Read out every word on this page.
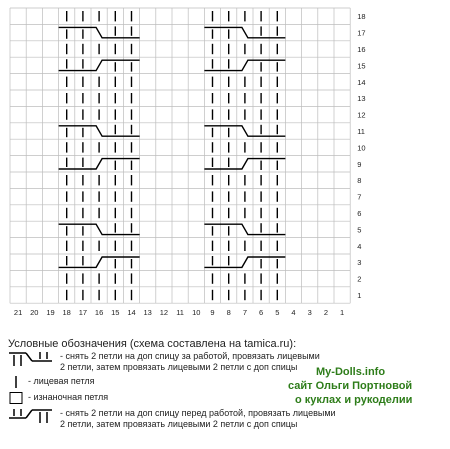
21 20 19 18 17 16 15 14 13 12 11 10 9 8 7 6 5 4 3 2 1
18
17
16
15
14
13
12
11
10
9
8
7
6
5
4
3
2
1
Условные обозначения (схема составлена на tamica.ru):
- снять 2 петли на доп спицу за работой, провязать лицевыми
2 петли, затем провязать лицевыми 2 петли с доп спицы
- лицевая петля
- изнаночная петля
- снять 2 петли на доп спицу перед работой, провязать лицевыми
2 петли, затем провязать лицевыми 2 петли с доп спицы
My-Dolls.info
сайт Ольги Портновой
о куклах и рукоделии
